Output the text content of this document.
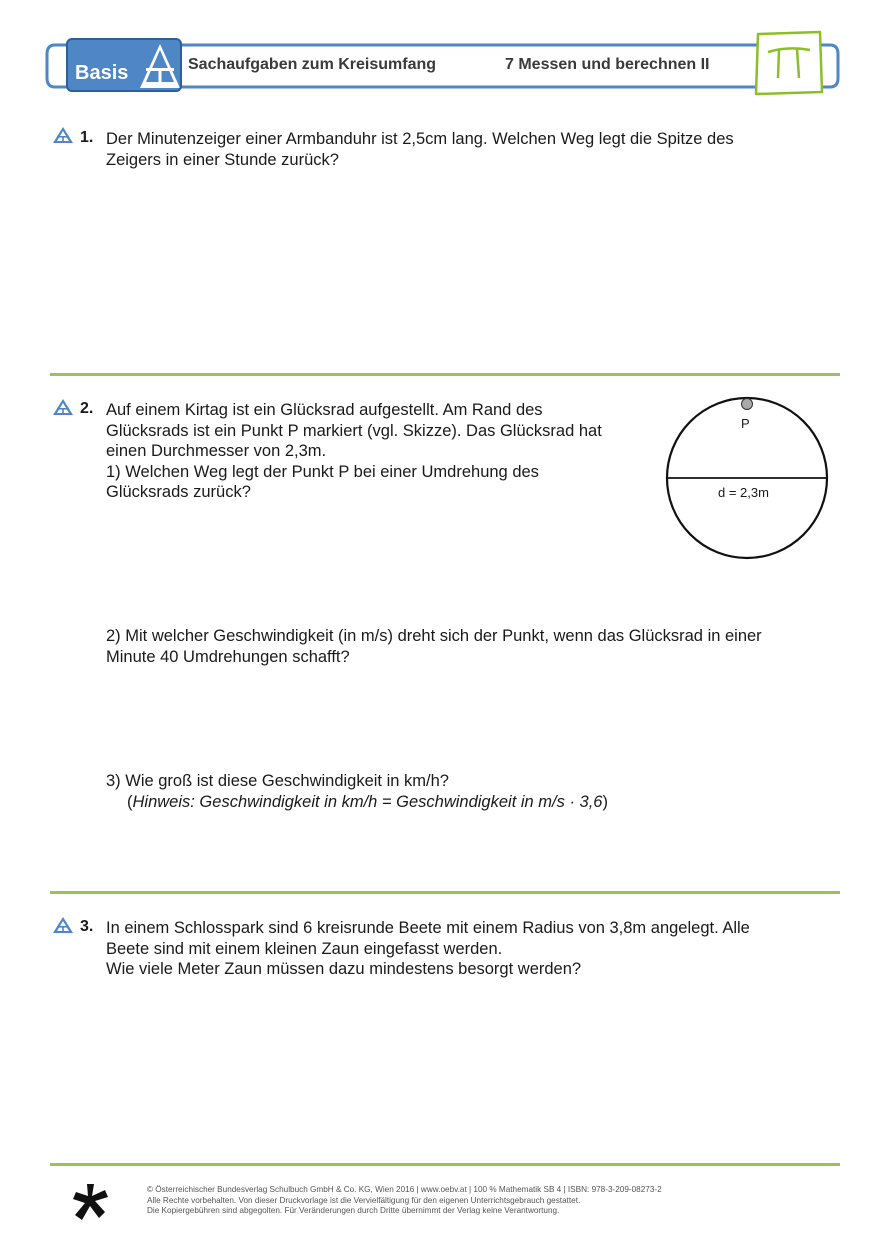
Basis	Sachaufgaben zum Kreisumfang	7 Messen und berechnen II
1. Der Minutenzeiger einer Armbanduhr ist 2,5cm lang. Welchen Weg legt die Spitze des
Zeigers in einer Stunde zurück?
2. Auf einem Kirtag ist ein Glücksrad aufgestellt. Am Rand des
Glücksrads ist ein Punkt P markiert (vgl. Skizze). Das Glücksrad hat
einen Durchmesser von 2,3m.
1) Welchen Weg legt der Punkt P bei einer Umdrehung des
Glücksrads zurück?
P
d = 2,3m
2) Mit welcher Geschwindigkeit (in m/s) dreht sich der Punkt, wenn das Glücksrad in einer
Minute 40 Umdrehungen schafft?
3) Wie groß ist diese Geschwindigkeit in km/h?
(Hinweis: Geschwindigkeit in km/h = Geschwindigkeit in m/s · 3,6)
3. In einem Schlosspark sind 6 kreisrunde Beete mit einem Radius von 3,8m angelegt. Alle
Beete sind mit einem kleinen Zaun eingefasst werden.
Wie viele Meter Zaun müssen dazu mindestens besorgt werden?
© Österreichischer Bundesverlag Schulbuch GmbH & Co. KG, Wien 2016 | www.oebv.at | 100 % Mathematik SB 4 | ISBN: 978-3-209-08273-2
Alle Rechte vorbehalten. Von dieser Druckvorlage ist die Vervielfältigung für den eigenen Unterrichtsgebrauch gestattet.
Die Kopiergebühren sind abgegolten. Für Veränderungen durch Dritte übernimmt der Verlag keine Verantwortung.
